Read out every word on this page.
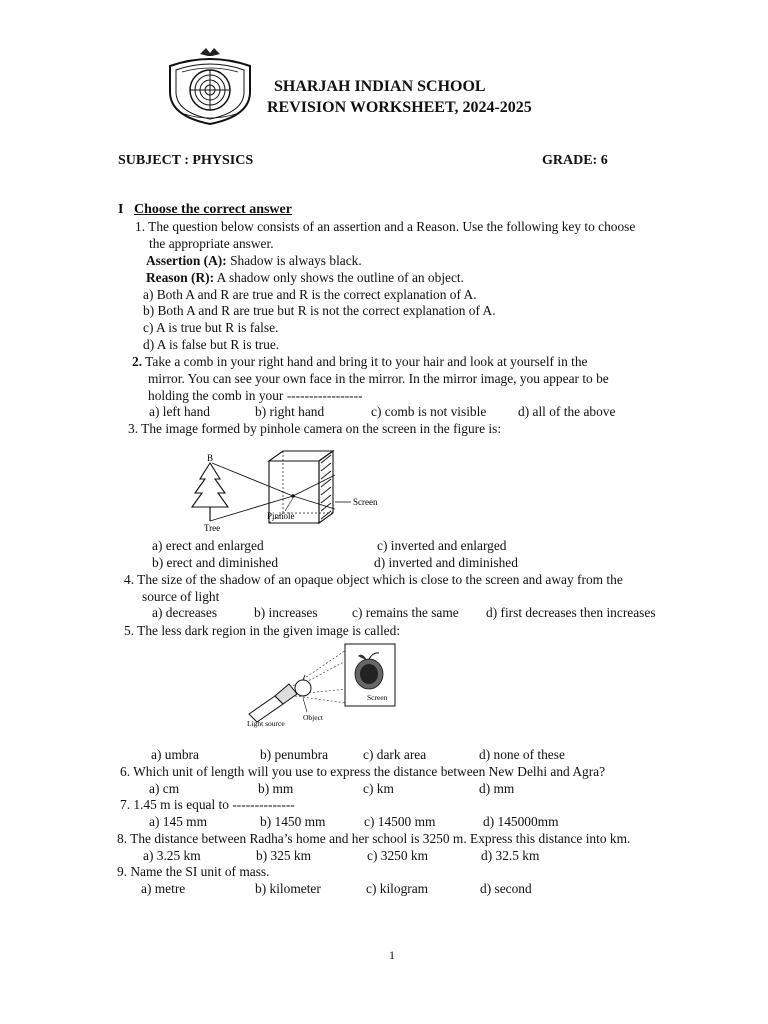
SHARJAH INDIAN SCHOOL
REVISION WORKSHEET, 2024-2025
SUBJECT : PHYSICS	GRADE: 6
I Choose the correct answer
1. The question below consists of an assertion and a Reason. Use the following key to choose
the appropriate answer.
Assertion (A): Shadow is always black.
Reason (R): A shadow only shows the outline of an object.
a) Both A and R are true and R is the correct explanation of A.
b) Both A and R are true but R is not the correct explanation of A.
c) A is true but R is false.
d) A is false but R is true.
2. Take a comb in your right hand and bring it to your hair and look at yourself in the
mirror. You can see your own face in the mirror. In the mirror image, you appear to be
holding the comb in your -----------------
a) left hand	b) right hand	c) comb is not visible d) all of the above
3. The image formed by pinhole camera on the screen in the figure is:
B
Tree
Pinhole
Screen
a) erect and enlarged	c) inverted and enlarged
b) erect and diminished	d) inverted and diminished
4. The size of the shadow of an opaque object which is close to the screen and away from the
source of light
a) decreases	b) increases	c) remains the same d) first decreases then increases
5. The less dark region in the given image is called:
Light source
Object
Screen
a) umbra	b) penumbra	c) dark area	d) none of these
6. Which unit of length will you use to express the distance between New Delhi and Agra?
a) cm	b) mm	c) km	d) mm
7. 1.45 m is equal to --------------
a) 145 mm	b) 1450 mm	c) 14500 mm	d) 145000mm
8. The distance between Radha’s home and her school is 3250 m. Express this distance into km.
a) 3.25 km	b) 325 km	c) 3250 km	d) 32.5 km
9. Name the SI unit of mass.
a) metre	b) kilometer	c) kilogram	d) second
1
